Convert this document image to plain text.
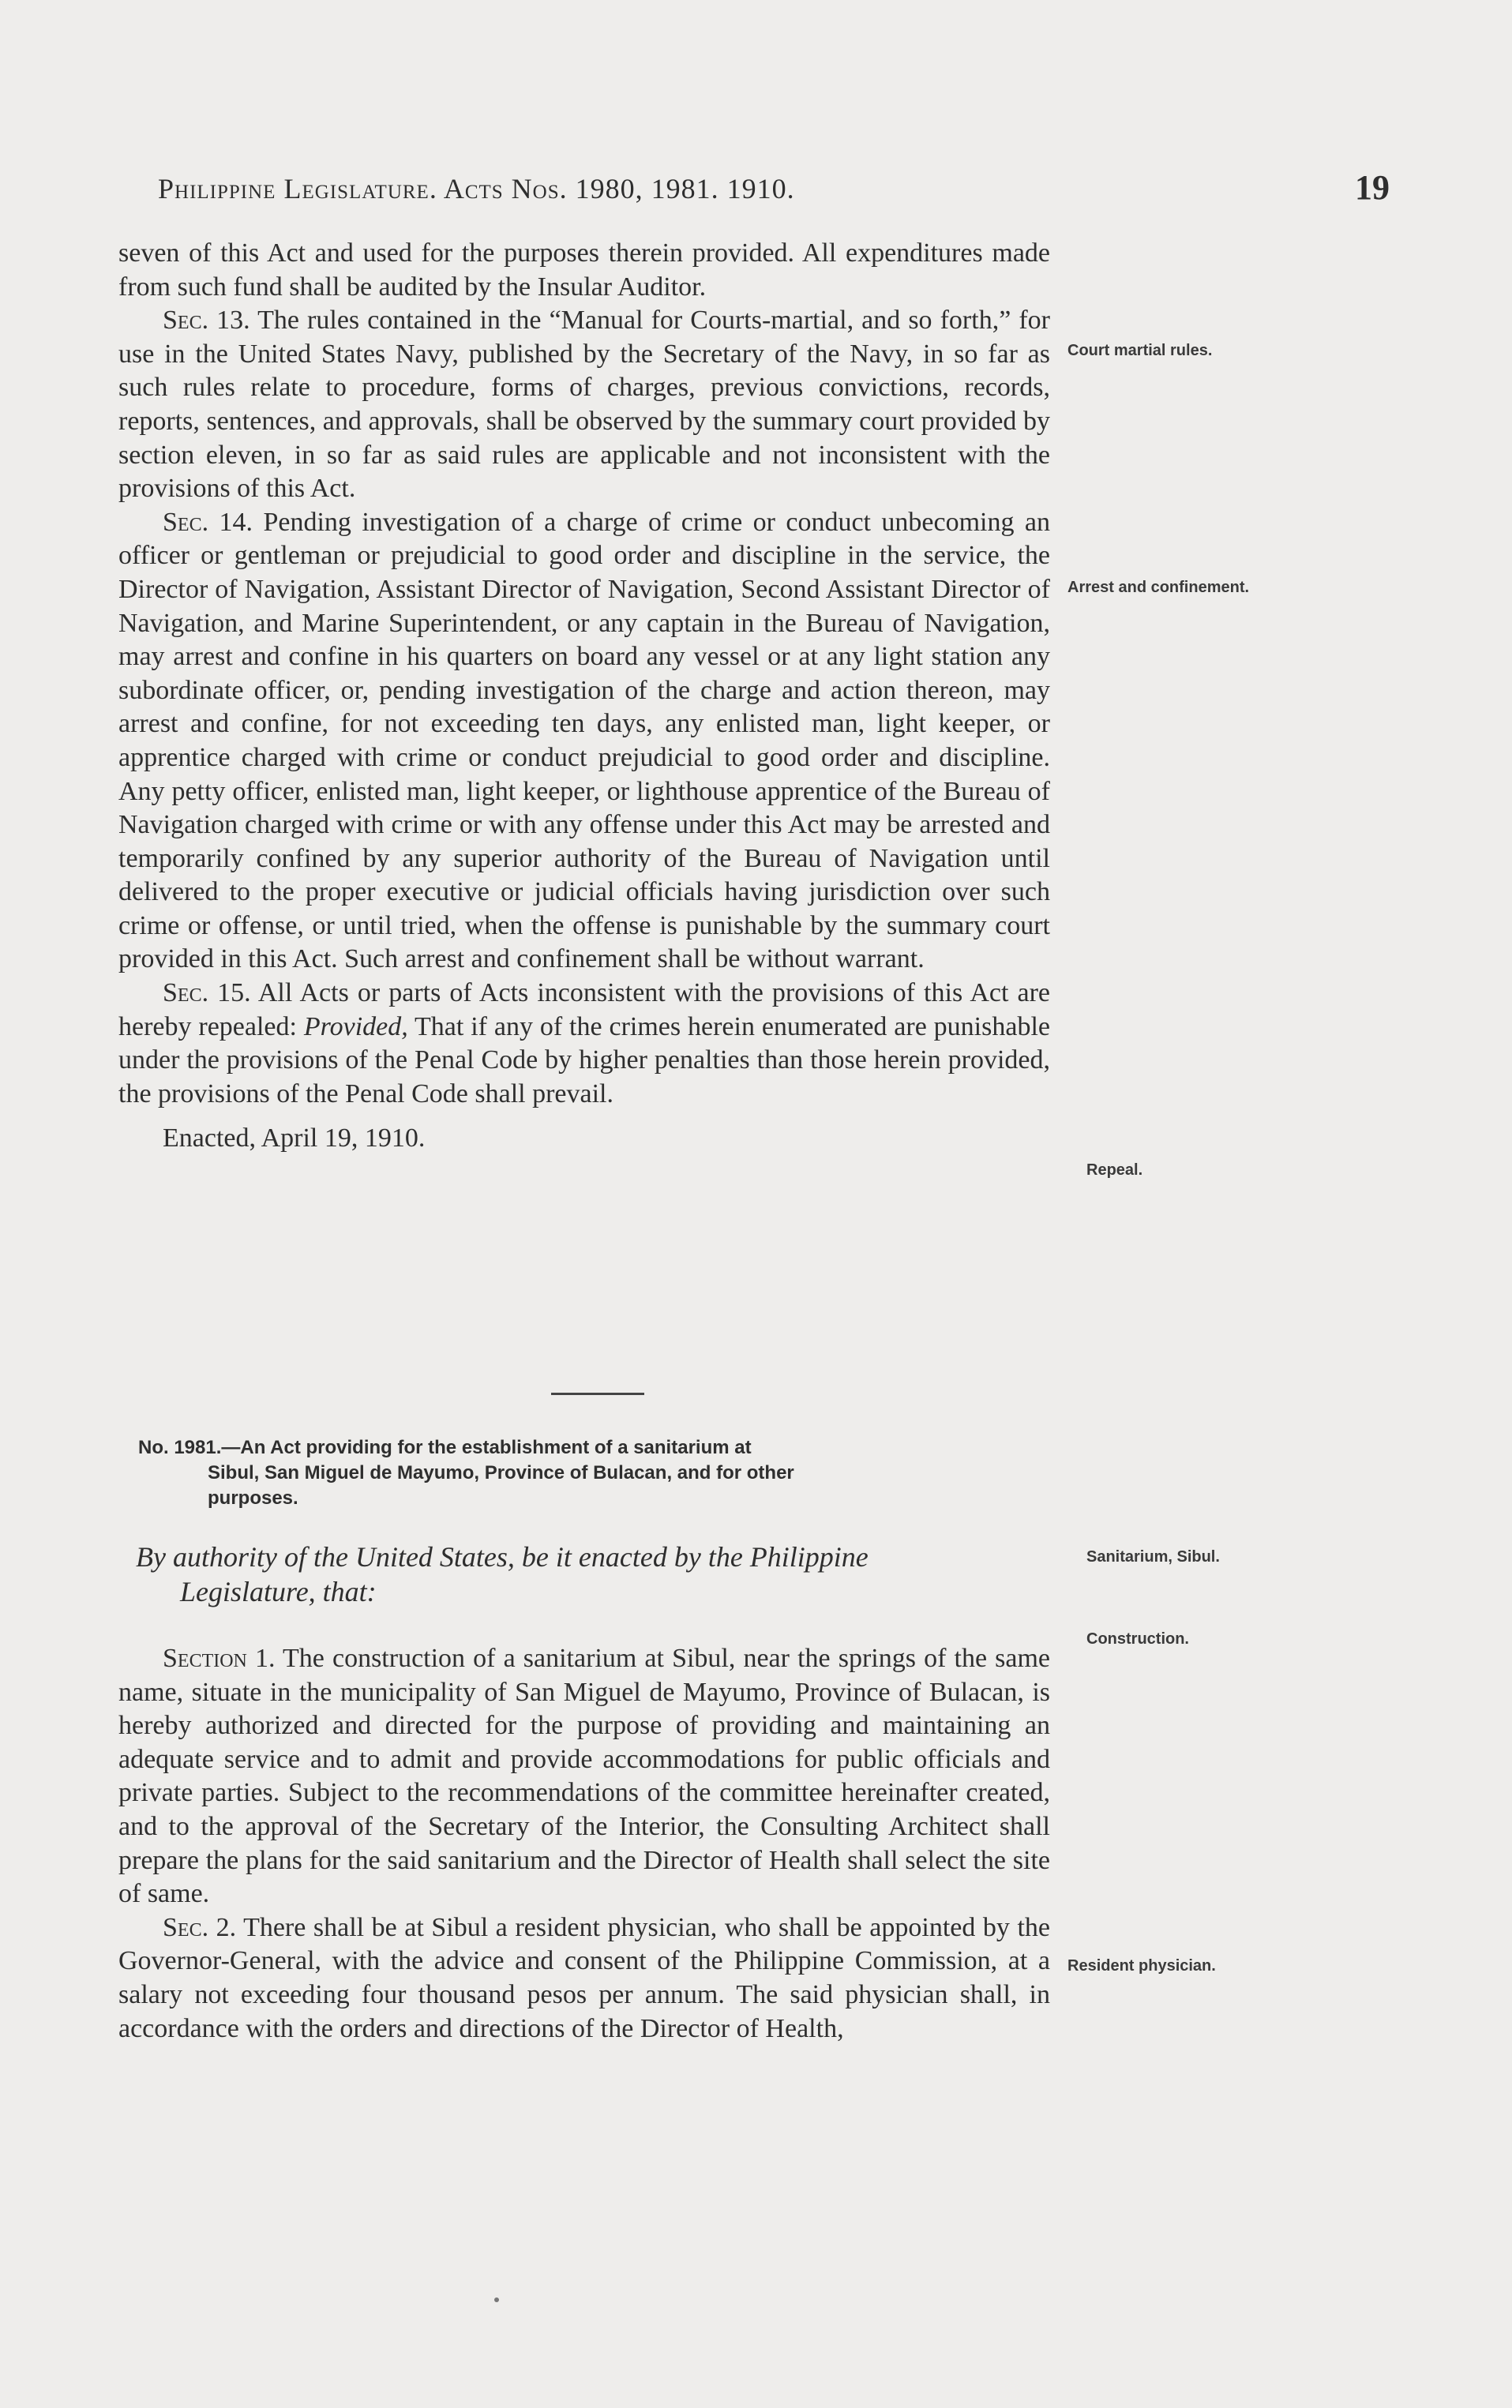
Philippine Legislature. Acts Nos. 1980, 1981. 1910.	19

seven of this Act and used for the purposes therein provided. All expenditures made from such fund shall be audited by the Insular Auditor.

Sec. 13. The rules contained in the “Manual for Courts-martial, and so forth,” for use in the United States Navy, published by the Secretary of the Navy, in so far as such rules relate to procedure, forms of charges, previous convictions, records, reports, sentences, and approvals, shall be observed by the summary court provided by section eleven, in so far as said rules are applicable and not inconsistent with the provisions of this Act.

Sec. 14. Pending investigation of a charge of crime or conduct unbecoming an officer or gentleman or prejudicial to good order and discipline in the service, the Director of Navigation, Assistant Director of Navigation, Second Assistant Director of Navigation, and Marine Superintendent, or any captain in the Bureau of Navigation, may arrest and confine in his quarters on board any vessel or at any light station any subordinate officer, or, pending investigation of the charge and action thereon, may arrest and confine, for not exceeding ten days, any enlisted man, light keeper, or apprentice charged with crime or conduct prejudicial to good order and discipline. Any petty officer, enlisted man, light keeper, or lighthouse apprentice of the Bureau of Navigation charged with crime or with any offense under this Act may be arrested and temporarily confined by any superior authority of the Bureau of Navigation until delivered to the proper executive or judicial officials having jurisdiction over such crime or offense, or until tried, when the offense is punishable by the summary court provided in this Act. Such arrest and confinement shall be without warrant.

Sec. 15. All Acts or parts of Acts inconsistent with the provisions of this Act are hereby repealed: Provided, That if any of the crimes herein enumerated are punishable under the provisions of the Penal Code by higher penalties than those herein provided, the provisions of the Penal Code shall prevail.

Enacted, April 19, 1910.

No. 1981.—An Act providing for the establishment of a sanitarium at
Sibul, San Miguel de Mayumo, Province of Bulacan, and for other
purposes.
By authority of the United States, be it enacted by the Philippine
Legislature, that:

Section 1. The construction of a sanitarium at Sibul, near the springs of the same name, situate in the municipality of San Miguel de Mayumo, Province of Bulacan, is hereby authorized and directed for the purpose of providing and maintaining an adequate service and to admit and provide accommodations for public officials and private parties. Subject to the recommendations of the committee hereinafter created, and to the approval of the Secretary of the Interior, the Consulting Architect shall prepare the plans for the said sanitarium and the Director of Health shall select the site of same.

Sec. 2. There shall be at Sibul a resident physician, who shall be appointed by the Governor-General, with the advice and consent of the Philippine Commission, at a salary not exceeding four thousand pesos per annum. The said physician shall, in accordance with the orders and directions of the Director of Health,

Court martial rules.
Arrest and confinement.
Repeal.
Sanitarium, Sibul.
Construction.
Resident physician.
